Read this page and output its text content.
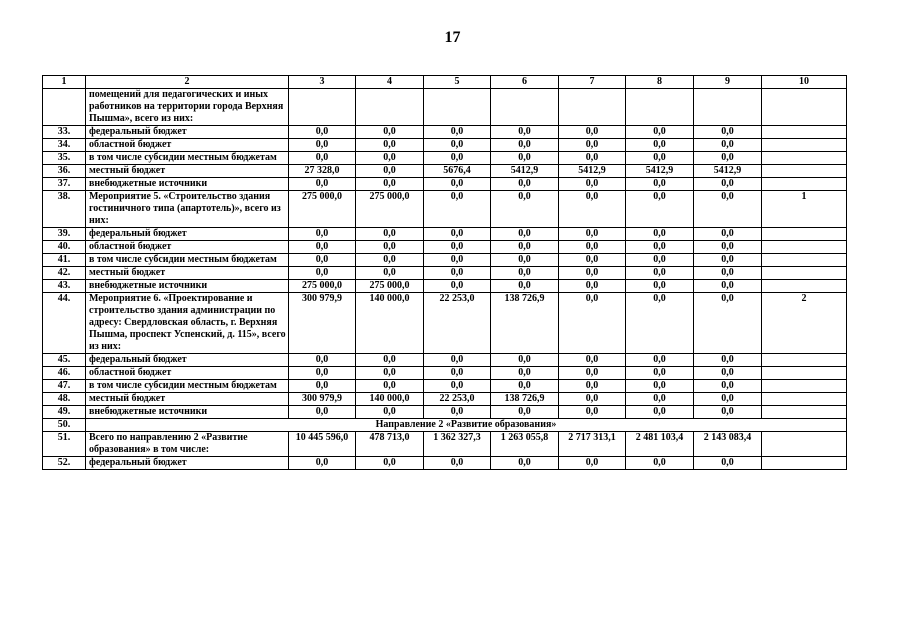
17
1	2	3	4	5	6	7	8	9	10
	помещений для педагогических и иных работников на территории города Верхняя Пышма», всего из них:								
33.	федеральный бюджет	0,0	0,0	0,0	0,0	0,0	0,0	0,0	
34.	областной бюджет	0,0	0,0	0,0	0,0	0,0	0,0	0,0	
35.	в том числе субсидии местным бюджетам	0,0	0,0	0,0	0,0	0,0	0,0	0,0	
36.	местный бюджет	27 328,0	0,0	5676,4	5412,9	5412,9	5412,9	5412,9	
37.	внебюджетные источники	0,0	0,0	0,0	0,0	0,0	0,0	0,0	
38.	Мероприятие 5. «Строительство здания гостиничного типа (апартотель)», всего из них:	275 000,0	275 000,0	0,0	0,0	0,0	0,0	0,0	1
39.	федеральный бюджет	0,0	0,0	0,0	0,0	0,0	0,0	0,0	
40.	областной бюджет	0,0	0,0	0,0	0,0	0,0	0,0	0,0	
41.	в том числе субсидии местным бюджетам	0,0	0,0	0,0	0,0	0,0	0,0	0,0	
42.	местный бюджет	0,0	0,0	0,0	0,0	0,0	0,0	0,0	
43.	внебюджетные источники	275 000,0	275 000,0	0,0	0,0	0,0	0,0	0,0	
44.	Мероприятие 6. «Проектирование и строительство здания администрации по адресу: Свердловская область, г. Верхняя Пышма, проспект Успенский, д. 115», всего из них:	300 979,9	140 000,0	22 253,0	138 726,9	0,0	0,0	0,0	2
45.	федеральный бюджет	0,0	0,0	0,0	0,0	0,0	0,0	0,0	
46.	областной бюджет	0,0	0,0	0,0	0,0	0,0	0,0	0,0	
47.	в том числе субсидии местным бюджетам	0,0	0,0	0,0	0,0	0,0	0,0	0,0	
48.	местный бюджет	300 979,9	140 000,0	22 253,0	138 726,9	0,0	0,0	0,0	
49.	внебюджетные источники	0,0	0,0	0,0	0,0	0,0	0,0	0,0	
50.	Направление 2 «Развитие образования»								
51.	Всего по направлению 2 «Развитие образования» в том числе:	10 445 596,0	478 713,0	1 362 327,3	1 263 055,8	2 717 313,1	2 481 103,4	2 143 083,4	
52.	федеральный бюджет	0,0	0,0	0,0	0,0	0,0	0,0	0,0	
